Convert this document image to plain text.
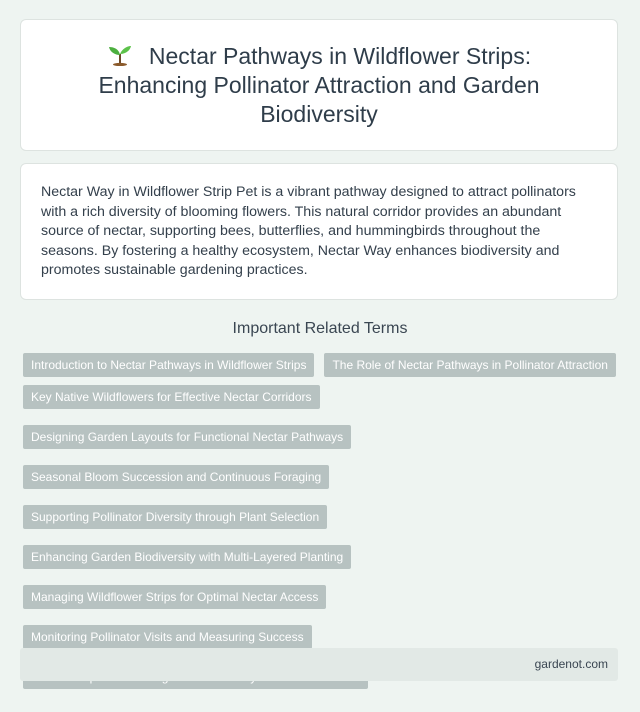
Nectar Pathways in Wildflower Strips: Enhancing Pollinator Attraction and Garden Biodiversity

Nectar Way in Wildflower Strip Pet is a vibrant pathway designed to attract pollinators with a rich diversity of blooming flowers. This natural corridor provides an abundant source of nectar, supporting bees, butterflies, and hummingbirds throughout the seasons. By fostering a healthy ecosystem, Nectar Way enhances biodiversity and promotes sustainable gardening practices.

Important Related Terms
Introduction to Nectar Pathways in Wildflower Strips	The Role of Nectar Pathways in Pollinator Attraction
Key Native Wildflowers for Effective Nectar Corridors
Designing Garden Layouts for Functional Nectar Pathways
Seasonal Bloom Succession and Continuous Foraging
Supporting Pollinator Diversity through Plant Selection
Enhancing Garden Biodiversity with Multi-Layered Planting
Managing Wildflower Strips for Optimal Nectar Access
Monitoring Pollinator Visits and Measuring Success
gardenot.com
